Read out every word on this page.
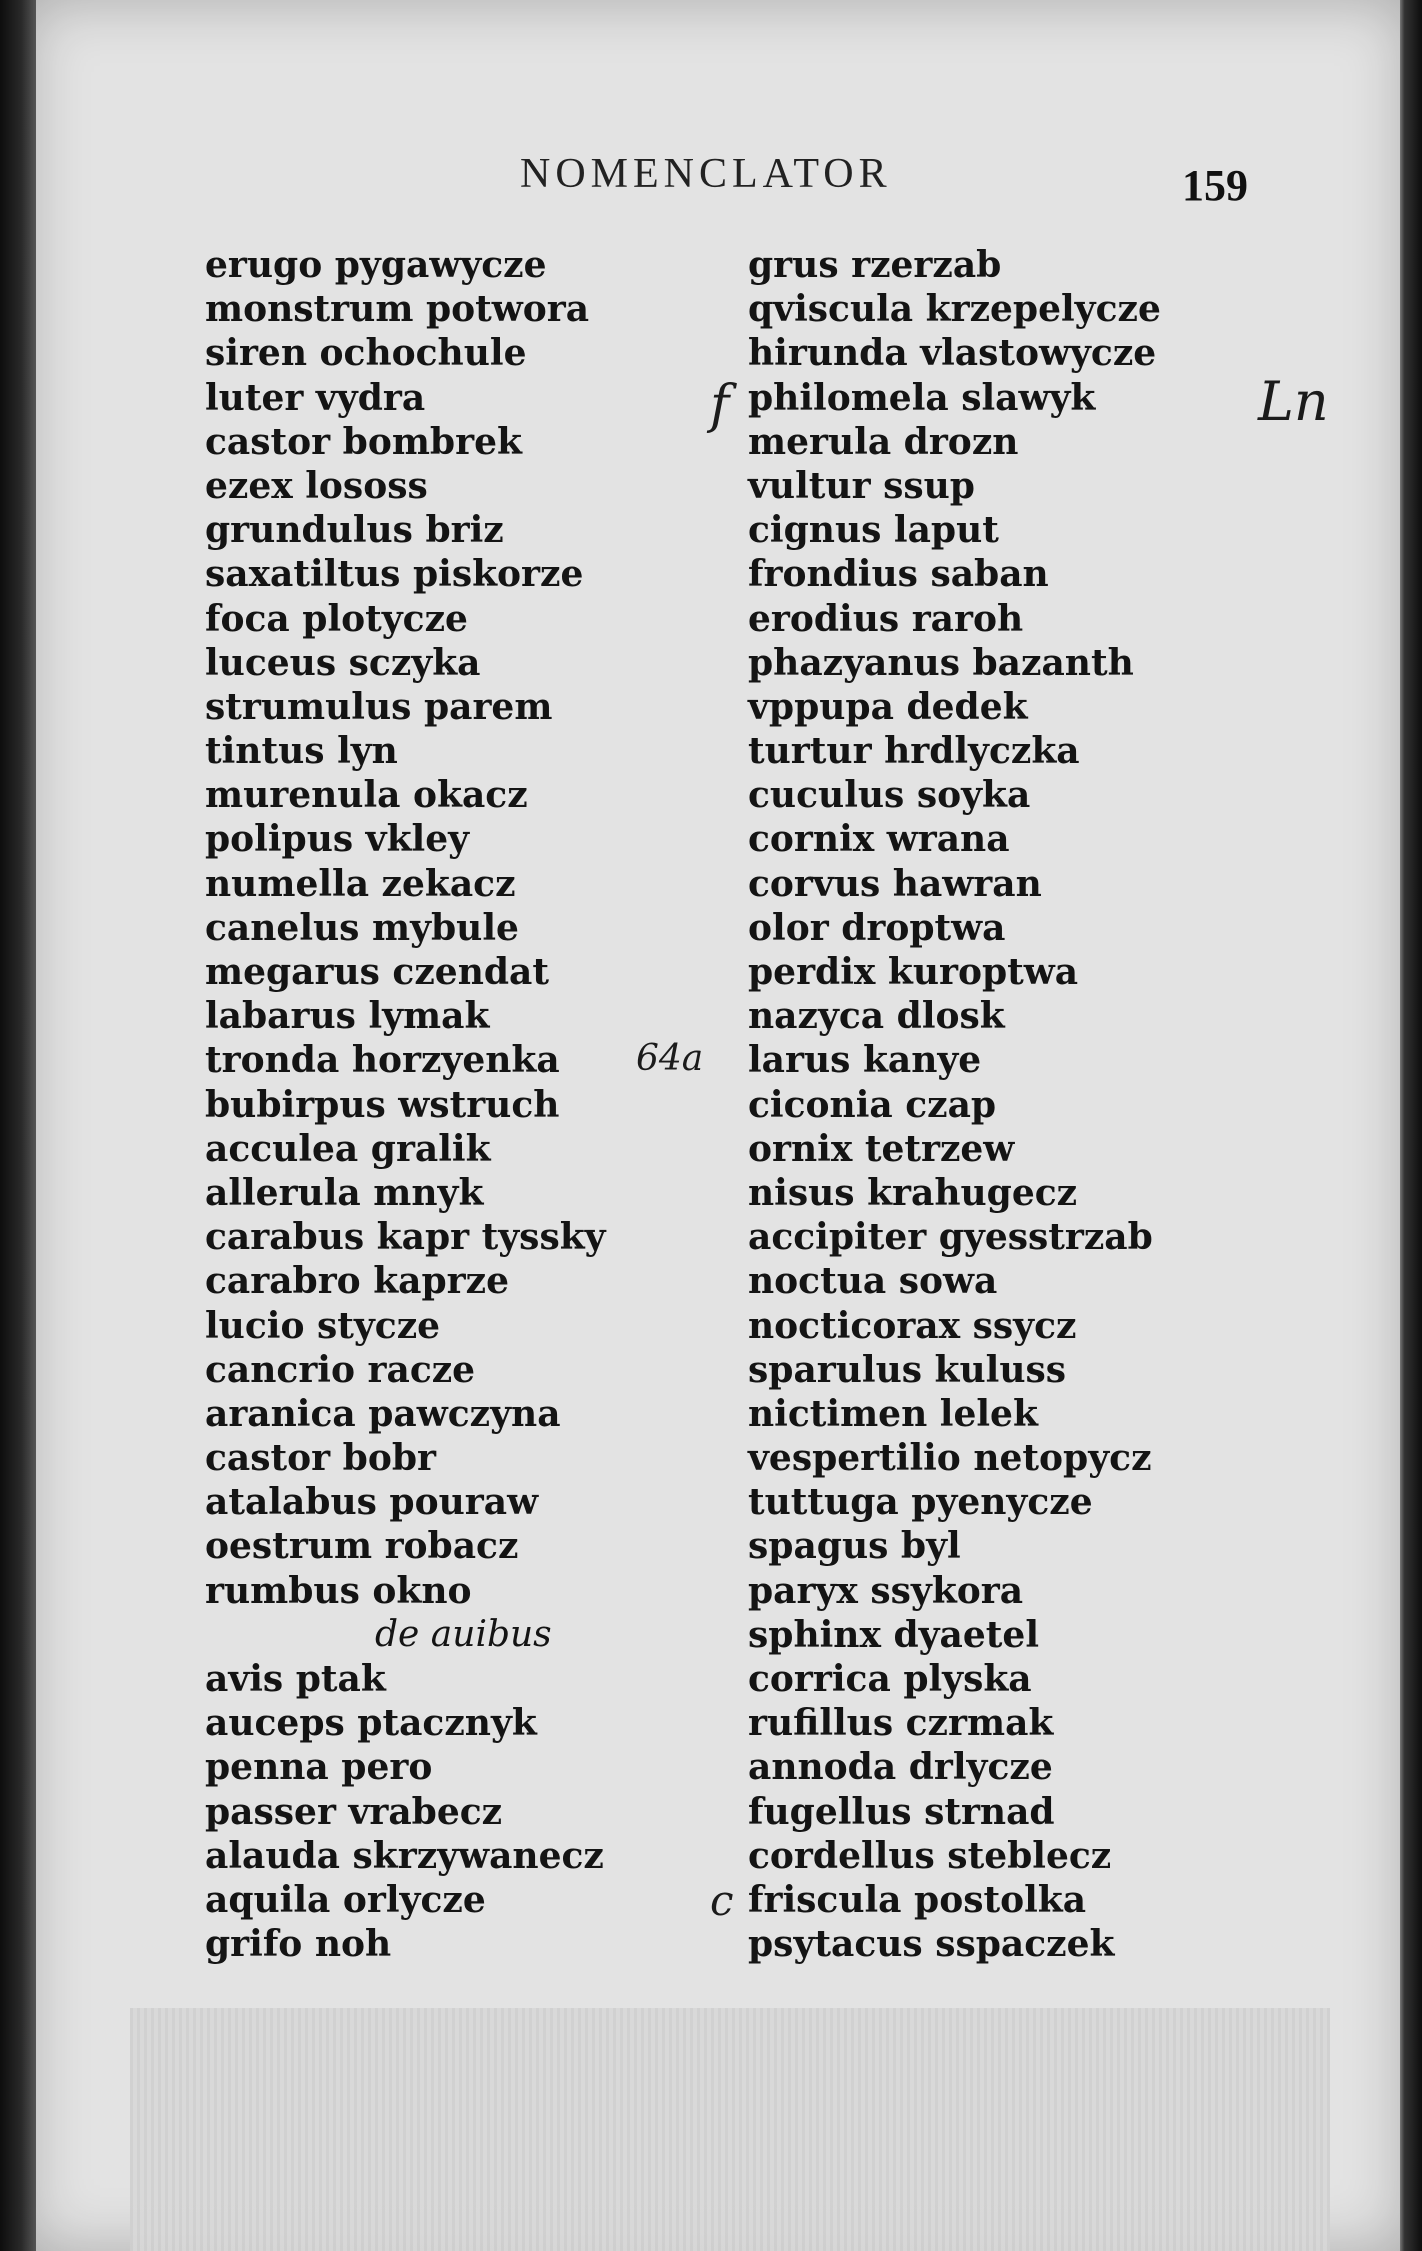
NOMENCLATOR	159
erugo pygawycze
monstrum potwora
siren ochochule
luter vydra
castor bombrek
ezex lososs
grundulus briz
saxatiltus piskorze
foca plotycze
luceus sczyka
strumulus parem
tintus lyn
murenula okacz
polipus vkley
numella zekacz
canelus mybule
megarus czendat
labarus lymak
tronda horzyenka
bubirpus wstruch
acculea gralik
allerula mnyk
carabus kapr tyssky
carabro kaprze
lucio stycze
cancrio racze
aranica pawczyna
castor bobr
atalabus pouraw
oestrum robacz
rumbus okno
de auibus
avis ptak
auceps ptacznyk
penna pero
passer vrabecz
alauda skrzywanecz
aquila orlycze
grifo noh
grus rzerzab
qviscula krzepelycze
hirunda vlastowycze
philomela slawyk
merula drozn
vultur ssup
cignus laput
frondius saban
erodius raroh
phazyanus bazanth
vppupa dedek
turtur hrdlyczka
cuculus soyka
cornix wrana
corvus hawran
olor droptwa
perdix kuroptwa
nazyca dlosk
larus kanye
ciconia czap
ornix tetrzew
nisus krahugecz
accipiter gyesstrzab
noctua sowa
nocticorax ssycz
sparulus kuluss
nictimen lelek
vespertilio netopycz
tuttuga pyenycze
spagus byl
paryx ssykora
sphinx dyaetel
corrica plyska
rufillus czrmak
annoda drlycze
fugellus strnad
cordellus steblecz
friscula postolka
psytacus sspaczek
Ln
f
64a
c
